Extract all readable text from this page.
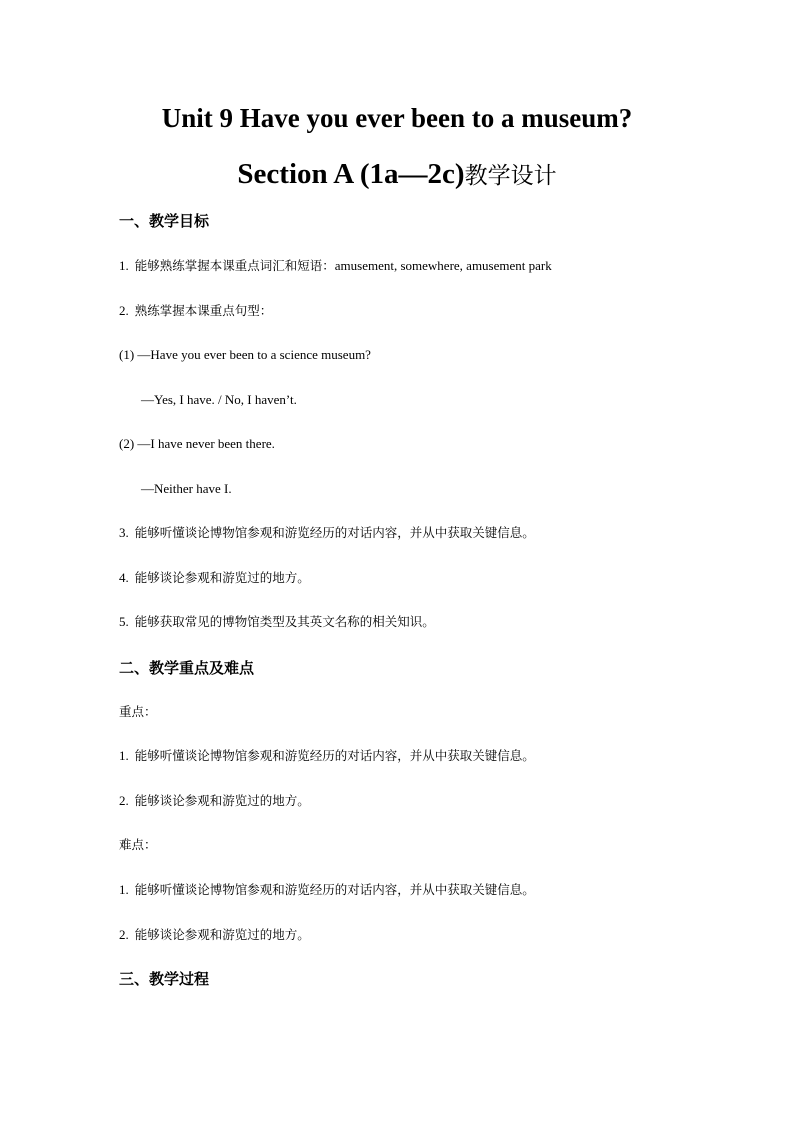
Unit 9 Have you ever been to a museum?
Section A (1a—2c)教学设计
一、教学目标
1. 能够熟练掌握本课重点词汇和短语：amusement, somewhere, amusement park
2. 熟练掌握本课重点句型：
(1) —Have you ever been to a science museum?
—Yes, I have. / No, I haven’t.
(2) —I have never been there.
—Neither have I.
3. 能够听懂谈论博物馆参观和游览经历的对话内容，并从中获取关键信息。
4. 能够谈论参观和游览过的地方。
5. 能够获取常见的博物馆类型及其英文名称的相关知识。
二、教学重点及难点
重点：
1. 能够听懂谈论博物馆参观和游览经历的对话内容，并从中获取关键信息。
2. 能够谈论参观和游览过的地方。
难点：
1. 能够听懂谈论博物馆参观和游览经历的对话内容，并从中获取关键信息。
2. 能够谈论参观和游览过的地方。
三、教学过程
